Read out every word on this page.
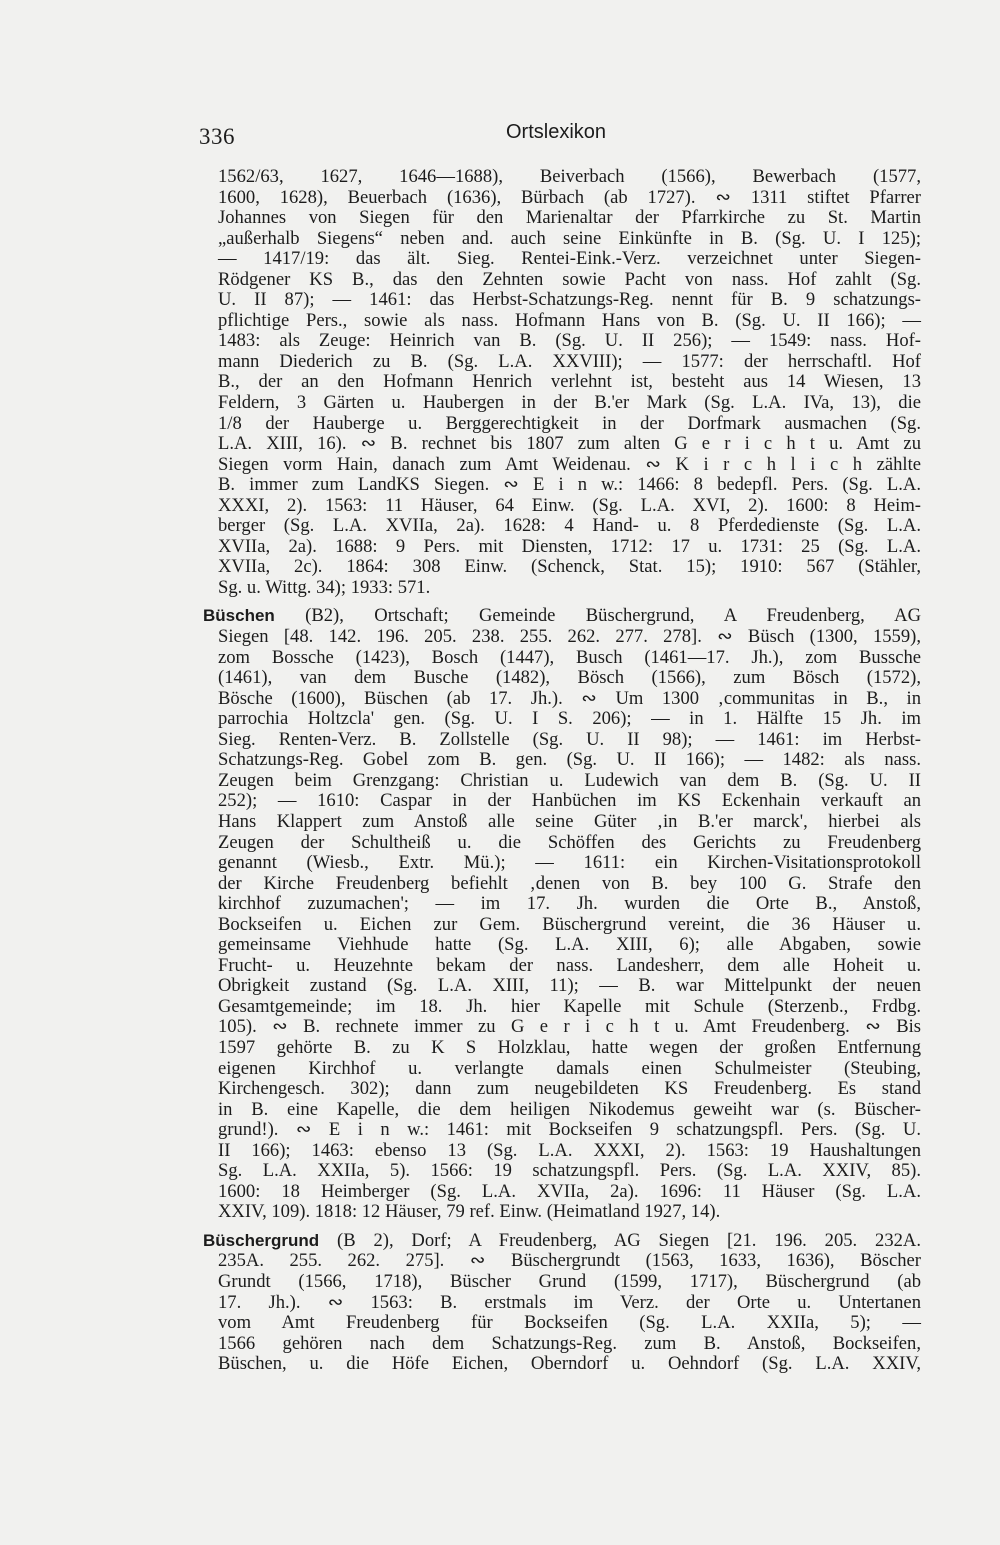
336	Ortslexikon
1562/63, 1627, 1646—1688), Beiverbach (1566), Bewerbach (1577,
1600, 1628), Beuerbach (1636), Bürbach (ab 1727). ∾ 1311 stiftet Pfarrer
Johannes von Siegen für den Marienaltar der Pfarrkirche zu St. Martin
„außerhalb Siegens“ neben and. auch seine Einkünfte in B. (Sg. U. I 125);
— 1417/19: das ält. Sieg. Rentei-Eink.-Verz. verzeichnet unter Siegen-
Rödgener KS B., das den Zehnten sowie Pacht von nass. Hof zahlt (Sg.
U. II 87); — 1461: das Herbst-Schatzungs-Reg. nennt für B. 9 schatzungs-
pflichtige Pers., sowie als nass. Hofmann Hans von B. (Sg. U. II 166); —
1483: als Zeuge: Heinrich van B. (Sg. U. II 256); — 1549: nass. Hof-
mann Diederich zu B. (Sg. L.A. XXVIII); — 1577: der herrschaftl. Hof
B., der an den Hofmann Henrich verlehnt ist, besteht aus 14 Wiesen, 13
Feldern, 3 Gärten u. Haubergen in der B.'er Mark (Sg. L.A. IVa, 13), die
1/8 der Hauberge u. Berggerechtigkeit in der Dorfmark ausmachen (Sg.
L.A. XIII, 16). ∾ B. rechnet bis 1807 zum alten G e r i c h t u. Amt zu
Siegen vorm Hain, danach zum Amt Weidenau. ∾ K i r c h l i c h zählte
B. immer zum LandKS Siegen. ∾ E i n w.: 1466: 8 bedepfl. Pers. (Sg. L.A.
XXXI, 2). 1563: 11 Häuser, 64 Einw. (Sg. L.A. XVI, 2). 1600: 8 Heim-
berger (Sg. L.A. XVIIa, 2a). 1628: 4 Hand- u. 8 Pferdedienste (Sg. L.A.
XVIIa, 2a). 1688: 9 Pers. mit Diensten, 1712: 17 u. 1731: 25 (Sg. L.A.
XVIIa, 2c). 1864: 308 Einw. (Schenck, Stat. 15); 1910: 567 (Stähler,
Sg. u. Wittg. 34); 1933: 571.
Büschen (B2), Ortschaft; Gemeinde Büschergrund, A Freudenberg, AG
Siegen [48. 142. 196. 205. 238. 255. 262. 277. 278]. ∾ Büsch (1300, 1559),
zom Bossche (1423), Bosch (1447), Busch (1461—17. Jh.), zom Bussche
(1461), van dem Busche (1482), Bösch (1566), zum Bösch (1572),
Bösche (1600), Büschen (ab 17. Jh.). ∾ Um 1300 ‚communitas in B., in
parrochia Holtzcla' gen. (Sg. U. I S. 206); — in 1. Hälfte 15 Jh. im
Sieg. Renten-Verz. B. Zollstelle (Sg. U. II 98); — 1461: im Herbst-
Schatzungs-Reg. Gobel zom B. gen. (Sg. U. II 166); — 1482: als nass.
Zeugen beim Grenzgang: Christian u. Ludewich van dem B. (Sg. U. II
252); — 1610: Caspar in der Hanbüchen im KS Eckenhain verkauft an
Hans Klappert zum Anstoß alle seine Güter ‚in B.'er marck', hierbei als
Zeugen der Schultheiß u. die Schöffen des Gerichts zu Freudenberg
genannt (Wiesb., Extr. Mü.); — 1611: ein Kirchen-Visitationsprotokoll
der Kirche Freudenberg befiehlt ‚denen von B. bey 100 G. Strafe den
kirchhof zuzumachen'; — im 17. Jh. wurden die Orte B., Anstoß,
Bockseifen u. Eichen zur Gem. Büschergrund vereint, die 36 Häuser u.
gemeinsame Viehhude hatte (Sg. L.A. XIII, 6); alle Abgaben, sowie
Frucht- u. Heuzehnte bekam der nass. Landesherr, dem alle Hoheit u.
Obrigkeit zustand (Sg. L.A. XIII, 11); — B. war Mittelpunkt der neuen
Gesamtgemeinde; im 18. Jh. hier Kapelle mit Schule (Sterzenb., Frdbg.
105). ∾ B. rechnete immer zu G e r i c h t u. Amt Freudenberg. ∾ Bis
1597 gehörte B. zu K S Holzklau, hatte wegen der großen Entfernung
eigenen Kirchhof u. verlangte damals einen Schulmeister (Steubing,
Kirchengesch. 302); dann zum neugebildeten KS Freudenberg. Es stand
in B. eine Kapelle, die dem heiligen Nikodemus geweiht war (s. Büscher-
grund!). ∾ E i n w.: 1461: mit Bockseifen 9 schatzungspfl. Pers. (Sg. U.
II 166); 1463: ebenso 13 (Sg. L.A. XXXI, 2). 1563: 19 Haushaltungen
Sg. L.A. XXIIa, 5). 1566: 19 schatzungspfl. Pers. (Sg. L.A. XXIV, 85).
1600: 18 Heimberger (Sg. L.A. XVIIa, 2a). 1696: 11 Häuser (Sg. L.A.
XXIV, 109). 1818: 12 Häuser, 79 ref. Einw. (Heimatland 1927, 14).
Büschergrund (B 2), Dorf; A Freudenberg, AG Siegen [21. 196. 205. 232A.
235A. 255. 262. 275]. ∾ Büschergrundt (1563, 1633, 1636), Böscher
Grundt (1566, 1718), Büscher Grund (1599, 1717), Büschergrund (ab
17. Jh.). ∾ 1563: B. erstmals im Verz. der Orte u. Untertanen
vom Amt Freudenberg für Bockseifen (Sg. L.A. XXIIa, 5); —
1566 gehören nach dem Schatzungs-Reg. zum B. Anstoß, Bockseifen,
Büschen, u. die Höfe Eichen, Oberndorf u. Oehndorf (Sg. L.A. XXIV,
